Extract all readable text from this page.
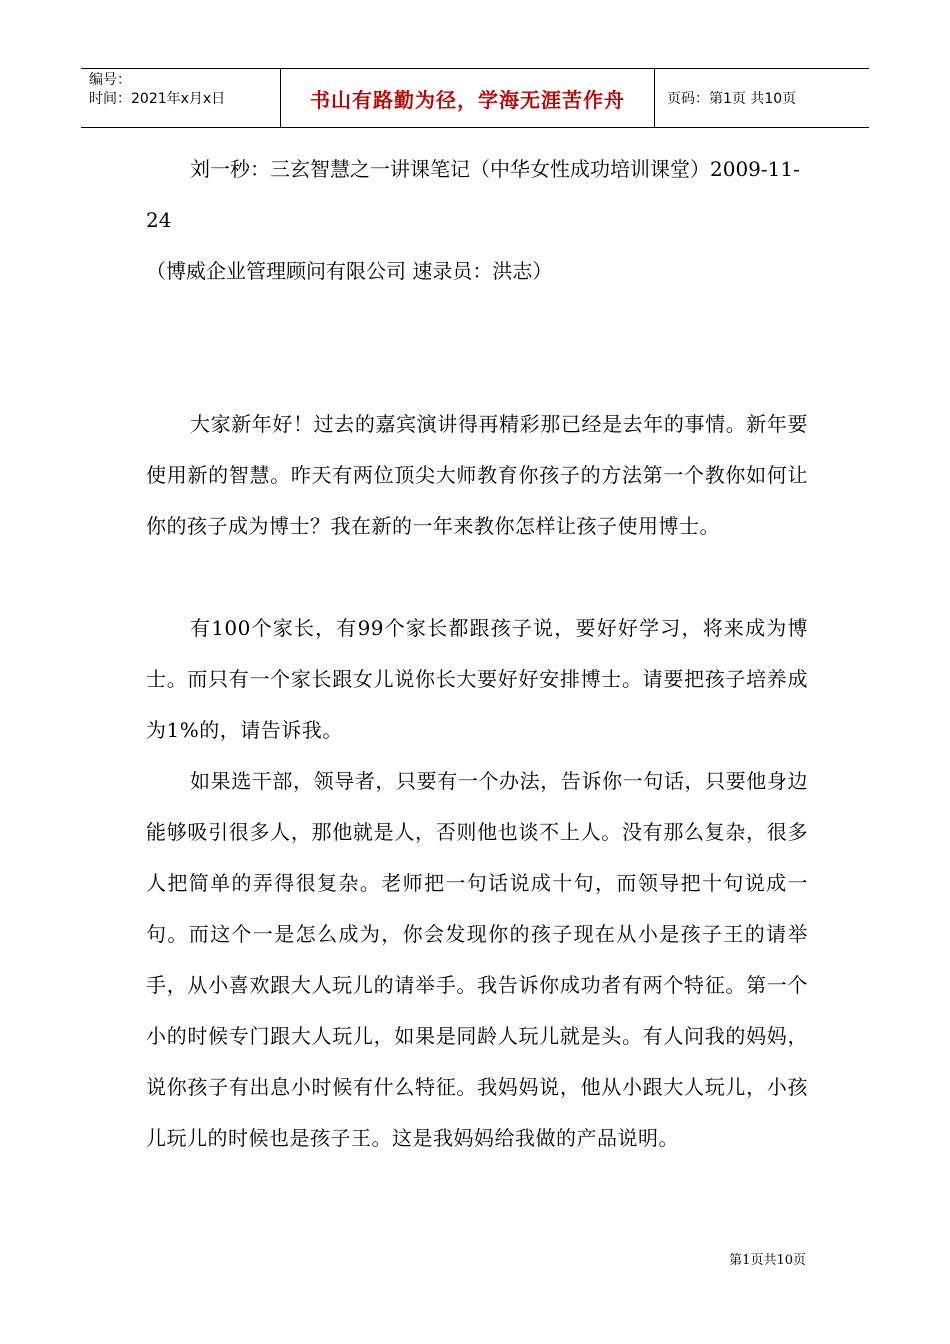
编号：
时间：2021年x月x日	书山有路勤为径，学海无涯苦作舟	页码：第1页 共10页

刘一秒：三玄智慧之一讲课笔记（中华女性成功培训课堂）2009-11-24

（博威企业管理顾问有限公司 速录员：洪志）

大家新年好！过去的嘉宾演讲得再精彩那已经是去年的事情。新年要使用新的智慧。昨天有两位顶尖大师教育你孩子的方法第一个教你如何让你的孩子成为博士？我在新的一年来教你怎样让孩子使用博士。

有100个家长，有99个家长都跟孩子说，要好好学习，将来成为博士。而只有一个家长跟女儿说你长大要好好安排博士。请要把孩子培养成为1%的，请告诉我。

如果选干部，领导者，只要有一个办法，告诉你一句话，只要他身边能够吸引很多人，那他就是人，否则他也谈不上人。没有那么复杂，很多人把简单的弄得很复杂。老师把一句话说成十句，而领导把十句说成一句。而这个一是怎么成为，你会发现你的孩子现在从小是孩子王的请举手，从小喜欢跟大人玩儿的请举手。我告诉你成功者有两个特征。第一个小的时候专门跟大人玩儿，如果是同龄人玩儿就是头。有人问我的妈妈，说你孩子有出息小时候有什么特征。我妈妈说，他从小跟大人玩儿，小孩儿玩儿的时候也是孩子王。这是我妈妈给我做的产品说明。

第1页共10页
